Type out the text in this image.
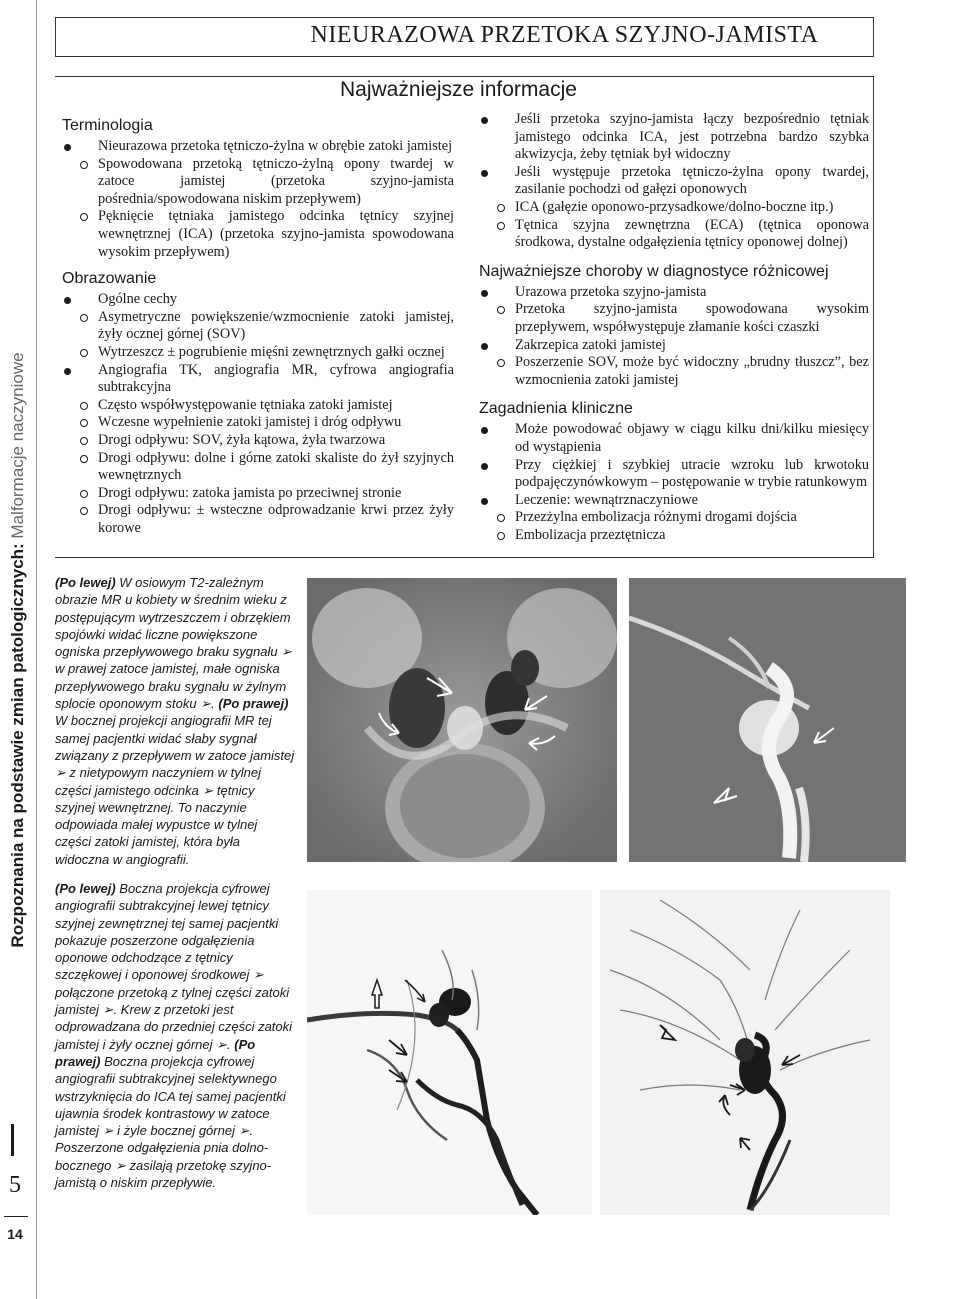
Rozpoznania na podstawie zmian patologicznych: Malformacje naczyniowe
5
14
NIEURAZOWA PRZETOKA SZYJNO-JAMISTA
Najważniejsze informacje
Terminologia
Nieurazowa przetoka tętniczo-żylna w obrębie zatoki jamistej
Spowodowana przetoką tętniczo-żylną opony twardej w zatoce jamistej (przetoka szyjno-jamista pośrednia/spowodowana niskim przepływem)
Pęknięcie tętniaka jamistego odcinka tętnicy szyjnej wewnętrznej (ICA) (przetoka szyjno-jamista spowodowana wysokim przepływem)
Obrazowanie
Ogólne cechy
Asymetryczne powiększenie/wzmocnienie zatoki jamistej, żyły ocznej górnej (SOV)
Wytrzeszcz ± pogrubienie mięśni zewnętrznych gałki ocznej
Angiografia TK, angiografia MR, cyfrowa angiografia subtrakcyjna
Często współwystępowanie tętniaka zatoki jamistej
Wczesne wypełnienie zatoki jamistej i dróg odpływu
Drogi odpływu: SOV, żyła kątowa, żyła twarzowa
Drogi odpływu: dolne i górne zatoki skaliste do żył szyjnych wewnętrznych
Drogi odpływu: zatoka jamista po przeciwnej stronie
Drogi odpływu: ± wsteczne odprowadzanie krwi przez żyły korowe
Jeśli przetoka szyjno-jamista łączy bezpośrednio tętniak jamistego odcinka ICA, jest potrzebna bardzo szybka akwizycja, żeby tętniak był widoczny
Jeśli występuje przetoka tętniczo-żylna opony twardej, zasilanie pochodzi od gałęzi oponowych
ICA (gałęzie oponowo-przysadkowe/dolno-boczne itp.)
Tętnica szyjna zewnętrzna (ECA) (tętnica oponowa środkowa, dystalne odgałęzienia tętnicy oponowej dolnej)
Najważniejsze choroby w diagnostyce różnicowej
Urazowa przetoka szyjno-jamista
Przetoka szyjno-jamista spowodowana wysokim przepływem, współwystępuje złamanie kości czaszki
Zakrzepica zatoki jamistej
Poszerzenie SOV, może być widoczny „brudny tłuszcz”, bez wzmocnienia zatoki jamistej
Zagadnienia kliniczne
Może powodować objawy w ciągu kilku dni/kilku miesięcy od wystąpienia
Przy ciężkiej i szybkiej utracie wzroku lub krwotoku podpajęczynówkowym – postępowanie w trybie ratunkowym
Leczenie: wewnątrznaczyniowe
Przezżylna embolizacja różnymi drogami dojścia
Embolizacja przeztętnicza
(Po lewej) W osiowym T2-zależnym obrazie MR u kobiety w średnim wieku z postępującym wytrzeszczem i obrzękiem spojówki widać liczne powiększone ogniska przepływowego braku sygnału ➢ w prawej zatoce jamistej, małe ogniska przepływowego braku sygnału w żylnym splocie oponowym stoku ➢. (Po prawej) W bocznej projekcji angiografii MR tej samej pacjentki widać słaby sygnał związany z przepływem w zatoce jamistej ➢ z nietypowym naczyniem w tylnej części jamistego odcinka ➢ tętnicy szyjnej wewnętrznej. To naczynie odpowiada małej wypustce w tylnej części zatoki jamistej, która była widoczna w angiografii.
(Po lewej) Boczna projekcja cyfrowej angiografii subtrakcyjnej lewej tętnicy szyjnej zewnętrznej tej samej pacjentki pokazuje poszerzone odgałęzienia oponowe odchodzące z tętnicy szczękowej i oponowej środkowej ➢ połączone przetoką z tylnej części zatoki jamistej ➢. Krew z przetoki jest odprowadzana do przedniej części zatoki jamistej i żyły ocznej górnej ➢. (Po prawej) Boczna projekcja cyfrowej angiografii subtrakcyjnej selektywnego wstrzyknięcia do ICA tej samej pacjentki ujawnia środek kontrastowy w zatoce jamistej ➢ i żyle bocznej górnej ➢. Poszerzone odgałęzienia pnia dolno-bocznego ➢ zasilają przetokę szyjno-jamistą o niskim przepływie.
